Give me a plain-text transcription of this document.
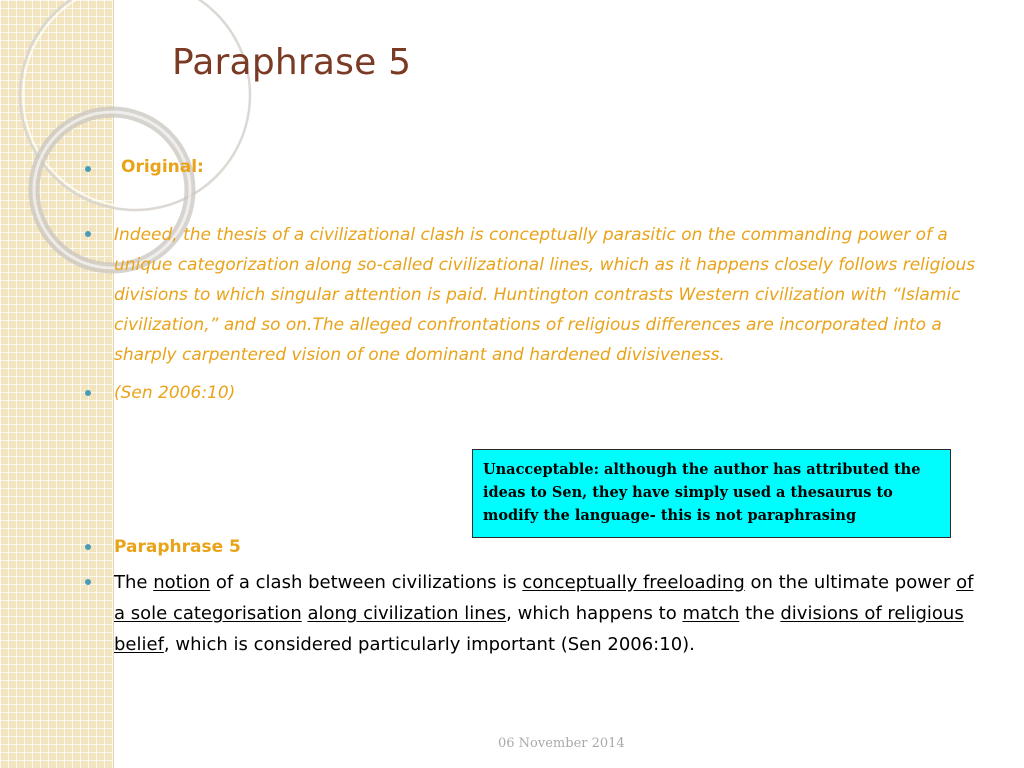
Paraphrase 5
Original:
Indeed, the thesis of a civilizational clash is conceptually parasitic on the commanding power of a unique categorization along so-called civilizational lines, which as it happens closely follows religious divisions to which singular attention is paid. Huntington contrasts Western civilization with “Islamic civilization,” and so on.The alleged confrontations of religious differences are incorporated into a sharply carpentered vision of one dominant and hardened divisiveness.
(Sen 2006:10)
Paraphrase 5
The notion of a clash between civilizations is conceptually freeloading on the ultimate power of a sole categorisation along civilization lines, which happens to match the divisions of religious belief, which is considered particularly important (Sen 2006:10).
Unacceptable: although the author has attributed the ideas to Sen, they have simply used a thesaurus to modify the language- this is not paraphrasing
06 November 2014
